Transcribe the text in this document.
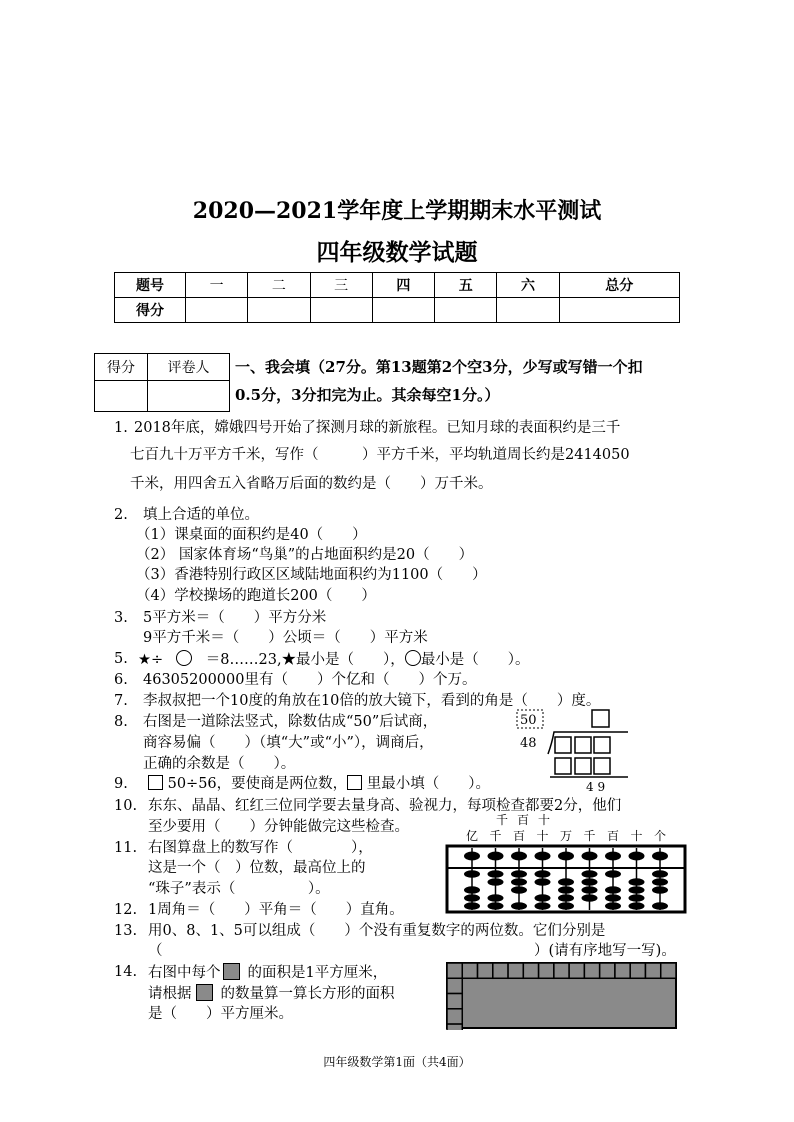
2020—2021学年度上学期期末水平测试
四年级数学试题
题号	一	二	三	四	五	六	总分
得分							
得分	评卷人
	一、我会填（27分。第13题第2个空3分，少写或写错一个扣
0.5分，3分扣完为止。其余每空1分。）
1. 2018年底，嫦娥四号开始了探测月球的新旅程。已知月球的表面积约是三千
七百九十万平方千米，写作（　　　）平方千米，平均轨道周长约是2414050
千米，用四舍五入省略万后面的数约是（　　）万千米。
2. 填上合适的单位。
（1）课桌面的面积约是40（　　）
（2） 国家体育场“鸟巢”的占地面积约是20（　　）
（3）香港特别行政区区域陆地面积约为1100（　　）
（4）学校操场的跑道长200（　　）
3. 5平方米＝（　　）平方分米
9平方千米＝（　　）公顷＝（　　）平方米
5. ★÷	＝8……23,★最小是（　　）， 最小是（　　）。
6. 46305200000里有（　　）个亿和（　　）个万。
7. 李叔叔把一个10度的角放在10倍的放大镜下，看到的角是（　　）度。
8. 右图是一道除法竖式，除数估成“50”后试商，
商容易偏（　　）（填“大”或“小”），调商后，
正确的余数是（　　）。
50
48
4 9
9.	50÷56，要使商是两位数， 里最小填（　　）。
10. 东东、晶晶、红红三位同学要去量身高、验视力，每项检查都要2分，他们
至少要用（　　）分钟能做完这些检查。
11. 右图算盘上的数写作（　　　　），
这是一个（　）位数，最高位上的
“珠子”表示（　　　　　）。
千 百 十
亿 千 百 十 万 千 百 十 个
12. 1周角＝（　　）平角＝（　　）直角。
13. 用0、8、1、5可以组成（　　）个没有重复数字的两位数。它们分别是
（	）(请有序地写一写)。
14. 右图中每个 的面积是1平方厘米，
请根据 的数量算一算长方形的面积
是（　　）平方厘米。
四年级数学第1面（共4面）
